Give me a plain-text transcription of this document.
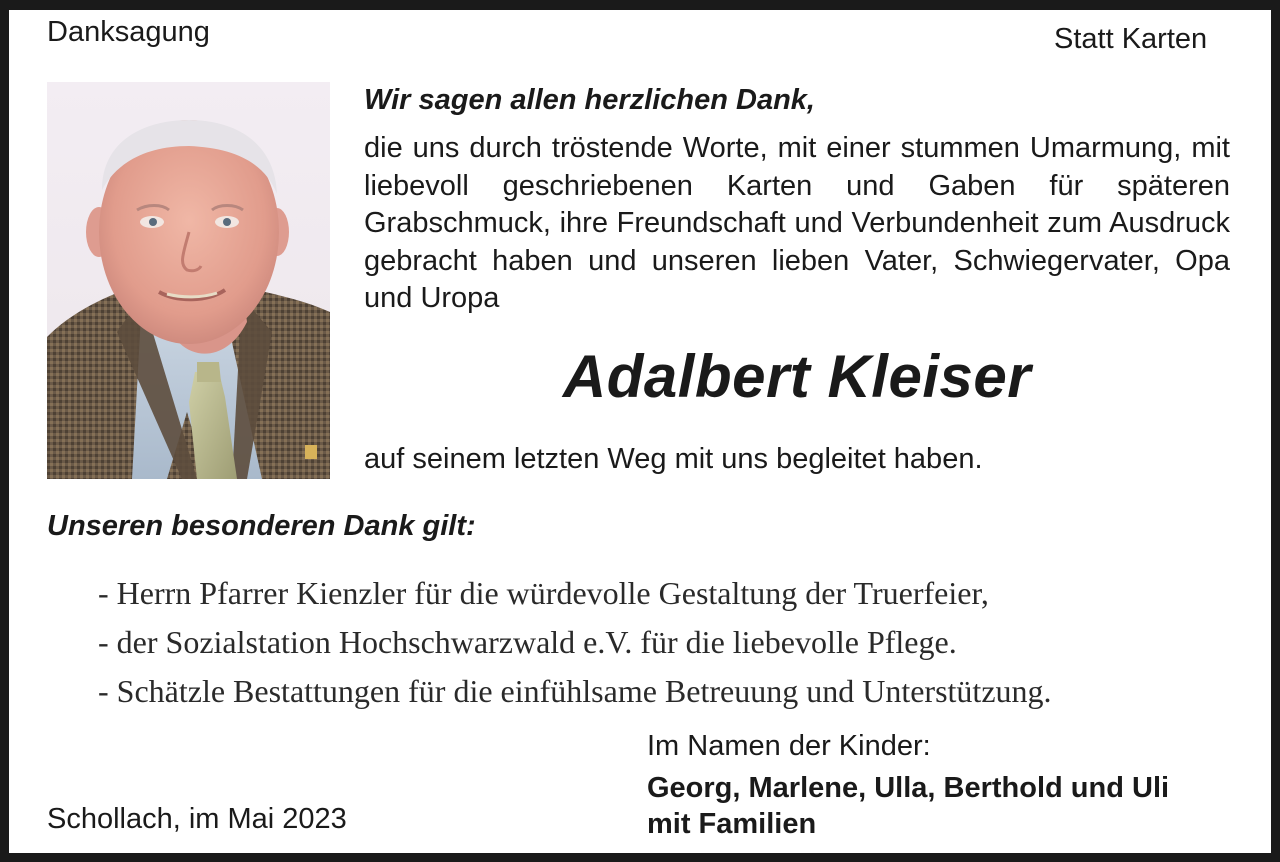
Danksagung	Statt Karten
Wir sagen allen herzlichen Dank,
die uns durch tröstende Worte, mit einer stummen Umarmung, mit liebevoll geschriebenen Karten und Gaben für späteren Grabschmuck, ihre Freundschaft und Verbundenheit zum Ausdruck gebracht haben und unseren lieben Vater, Schwiegervater, Opa und Uropa
Adalbert Kleiser
auf seinem letzten Weg mit uns begleitet haben.
Unseren besonderen Dank gilt:
- Herrn Pfarrer Kienzler für die würdevolle Gestaltung der Truerfeier,
- der Sozialstation Hochschwarzwald e.V. für die liebevolle Pflege.
- Schätzle Bestattungen für die einfühlsame Betreuung und Unterstützung.
Im Namen der Kinder:
Georg, Marlene, Ulla, Berthold und Uli
mit Familien
Schollach, im Mai 2023
